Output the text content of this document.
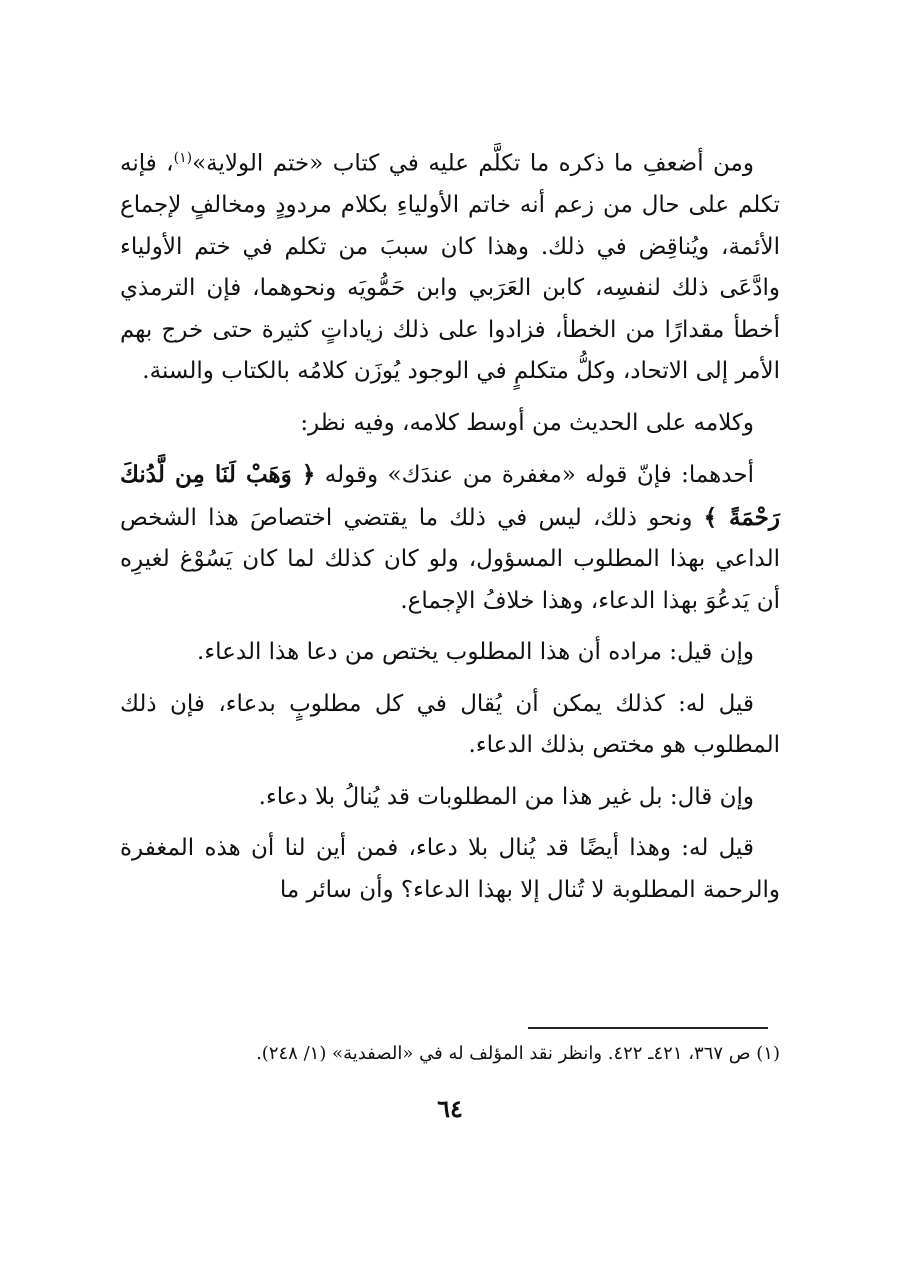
ومن أضعفِ ما ذكره ما تكلَّم عليه في كتاب «ختم الولاية»$^{(١)}$، فإنه تكلم على حال من زعم أنه خاتم الأولياءِ بكلام مردودٍ ومخالفٍ لإجماع الأئمة، ويُناقِض في ذلك. وهذا كان سببَ من تكلم في ختم الأولياء وادَّعَى ذلك لنفسِه، كابن العَرَبي وابن حَمُّويَه ونحوهما، فإن الترمذي أخطأ مقدارًا من الخطأ، فزادوا على ذلك زياداتٍ كثيرة حتى خرج بهم الأمر إلى الاتحاد، وكلُّ متكلمٍ في الوجود يُوزَن كلامُه بالكتاب والسنة.

وكلامه على الحديث من أوسط كلامه، وفيه نظر:

أحدهما: فإنّ قوله «مغفرة من عندَك» وقوله ﴿ وَهَبْ لَنَا مِن لَّدُنكَ رَحْمَةً ﴾ ونحو ذلك، ليس في ذلك ما يقتضي اختصاصَ هذا الشخص الداعي بهذا المطلوب المسؤول، ولو كان كذلك لما كان يَسُوْغ لغيرِه أن يَدعُوَ بهذا الدعاء، وهذا خلافُ الإجماع.

وإن قيل: مراده أن هذا المطلوب يختص من دعا هذا الدعاء.

قيل له: كذلك يمكن أن يُقال في كل مطلوبٍ بدعاء، فإن ذلك المطلوب هو مختص بذلك الدعاء.

وإن قال: بل غير هذا من المطلوبات قد يُنالُ بلا دعاء.

قيل له: وهذا أيضًا قد يُنال بلا دعاء، فمن أين لنا أن هذه المغفرة والرحمة المطلوبة لا تُنال إلا بهذا الدعاء؟ وأن سائر ما

(١) ص ٣٦٧، ٤٢١ـ ٤٢٢. وانظر نقد المؤلف له في «الصفدية» (١/ ٢٤٨).
٦٤
